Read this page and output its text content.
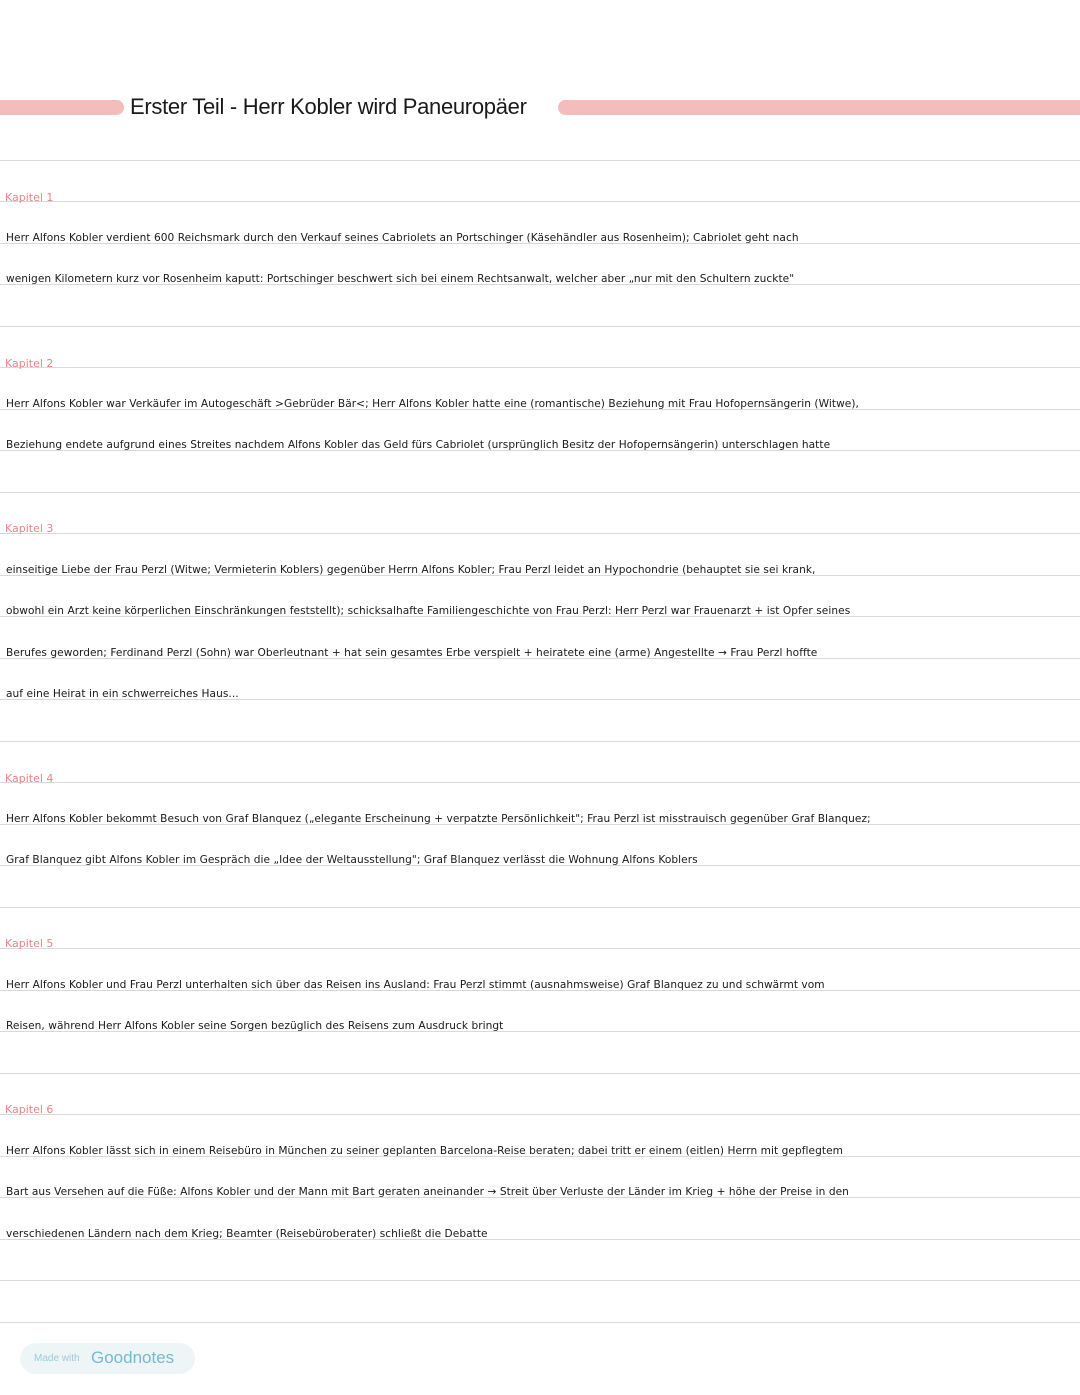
Erster Teil - Herr Kobler wird Paneuropäer
Kapitel 1
Herr Alfons Kobler verdient 600 Reichsmark durch den Verkauf seines Cabriolets an Portschinger (Käsehändler aus Rosenheim); Cabriolet geht nach
wenigen Kilometern kurz vor Rosenheim kaputt: Portschinger beschwert sich bei einem Rechtsanwalt, welcher aber „nur mit den Schultern zuckte"
Kapitel 2
Herr Alfons Kobler war Verkäufer im Autogeschäft >Gebrüder Bär<; Herr Alfons Kobler hatte eine (romantische) Beziehung mit Frau Hofopernsängerin (Witwe),
Beziehung endete aufgrund eines Streites nachdem Alfons Kobler das Geld fürs Cabriolet (ursprünglich Besitz der Hofopernsängerin) unterschlagen hatte
Kapitel 3
einseitige Liebe der Frau Perzl (Witwe; Vermieterin Koblers) gegenüber Herrn Alfons Kobler; Frau Perzl leidet an Hypochondrie (behauptet sie sei krank,
obwohl ein Arzt keine körperlichen Einschränkungen feststellt); schicksalhafte Familiengeschichte von Frau Perzl: Herr Perzl war Frauenarzt + ist Opfer seines
Berufes geworden; Ferdinand Perzl (Sohn) war Oberleutnant + hat sein gesamtes Erbe verspielt + heiratete eine (arme) Angestellte → Frau Perzl hoffte
auf eine Heirat in ein schwerreiches Haus...
Kapitel 4
Herr Alfons Kobler bekommt Besuch von Graf Blanquez („elegante Erscheinung + verpatzte Persönlichkeit"; Frau Perzl ist misstrauisch gegenüber Graf Blanquez;
Graf Blanquez gibt Alfons Kobler im Gespräch die „Idee der Weltausstellung"; Graf Blanquez verlässt die Wohnung Alfons Koblers
Kapitel 5
Herr Alfons Kobler und Frau Perzl unterhalten sich über das Reisen ins Ausland: Frau Perzl stimmt (ausnahmsweise) Graf Blanquez zu und schwärmt vom
Reisen, während Herr Alfons Kobler seine Sorgen bezüglich des Reisens zum Ausdruck bringt
Kapitel 6
Herr Alfons Kobler lässt sich in einem Reisebüro in München zu seiner geplanten Barcelona-Reise beraten; dabei tritt er einem (eitlen) Herrn mit gepflegtem
Bart aus Versehen auf die Füße: Alfons Kobler und der Mann mit Bart geraten aneinander → Streit über Verluste der Länder im Krieg + höhe der Preise in den
verschiedenen Ländern nach dem Krieg; Beamter (Reisebüroberater) schließt die Debatte
Made with Goodnotes
